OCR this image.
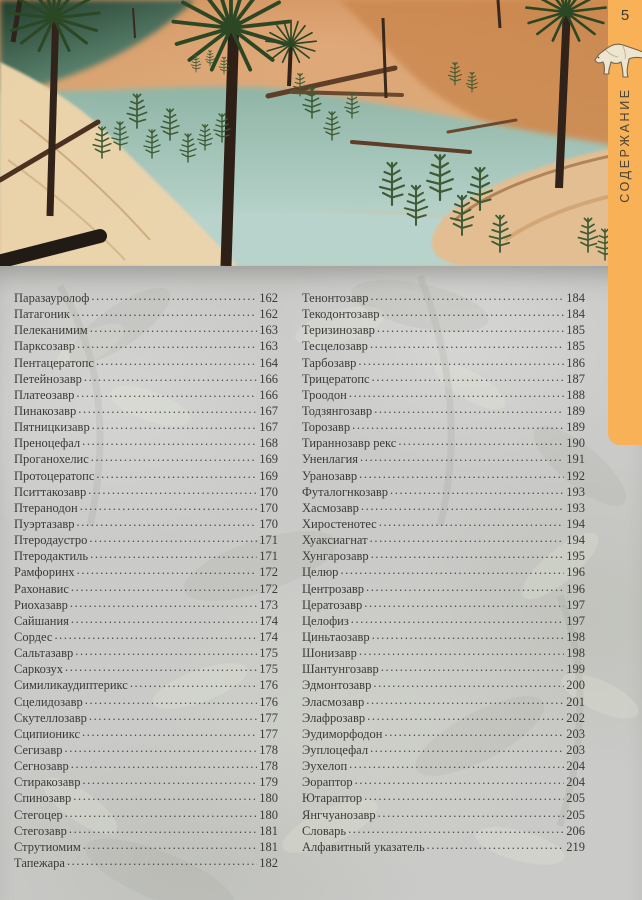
Паразауролоф .....	162
Патагоник .....	162
Пелеканимим .....	163
Парксозавр .....	163
Пентацератопс .....	164
Петейнозавр .....	166
Платеозавр .....	166
Пинакозавр .....	167
Пятницкизавр .....	167
Преноцефал .....	168
Проганохелис .....	169
Протоцератопс .....	169
Пситтакозавр .....	170
Птеранодон .....	170
Пуэртазавр .....	170
Птеродаустро .....	171
Птеродактиль .....	171
Рамфоринх .....	172
Рахонавис .....	172
Риохазавр .....	173
Сайшания .....	174
Сордес .....	174
Сальтазавр .....	175
Саркозух .....	175
Симиликаудиптерикс .....	176
Сцелидозавр .....	176
Скутеллозавр .....	177
Сципионикс .....	177
Сегизавр .....	178
Сегнозавр .....	178
Стиракозавр .....	179
Спинозавр .....	180
Стегоцер .....	180
Стегозавр .....	181
Струтиомим .....	181
Тапежара .....	182
Тенонтозавр .....	184
Текодонтозавр .....	184
Теризинозавр .....	185
Тесцелозавр .....	185
Тарбозавр .....	186
Трицератопс .....	187
Троодон .....	188
Тодзянгозавр .....	189
Торозавр .....	189
Тираннозавр рекс .....	190
Уненлагия .....	191
Уранозавр .....	192
Футалогнкозавр .....	193
Хасмозавр .....	193
Хиростенотес .....	194
Хуаксиагнат .....	194
Хунгарозавр .....	195
Целюр .....	196
Центрозавр .....	196
Цератозавр .....	197
Целофиз .....	197
Циньтаозавр .....	198
Шонизавр .....	198
Шантунгозавр .....	199
Эдмонтозавр .....	200
Эласмозавр .....	201
Элафрозавр .....	202
Эудиморфодон .....	203
Эуплоцефал .....	203
Эухелоп .....	204
Эораптор .....	204
Ютараптор .....	205
Янгчуанозавр .....	205
Словарь .....	206
Алфавитный указатель .....	219
5
СОДЕРЖАНИЕ
